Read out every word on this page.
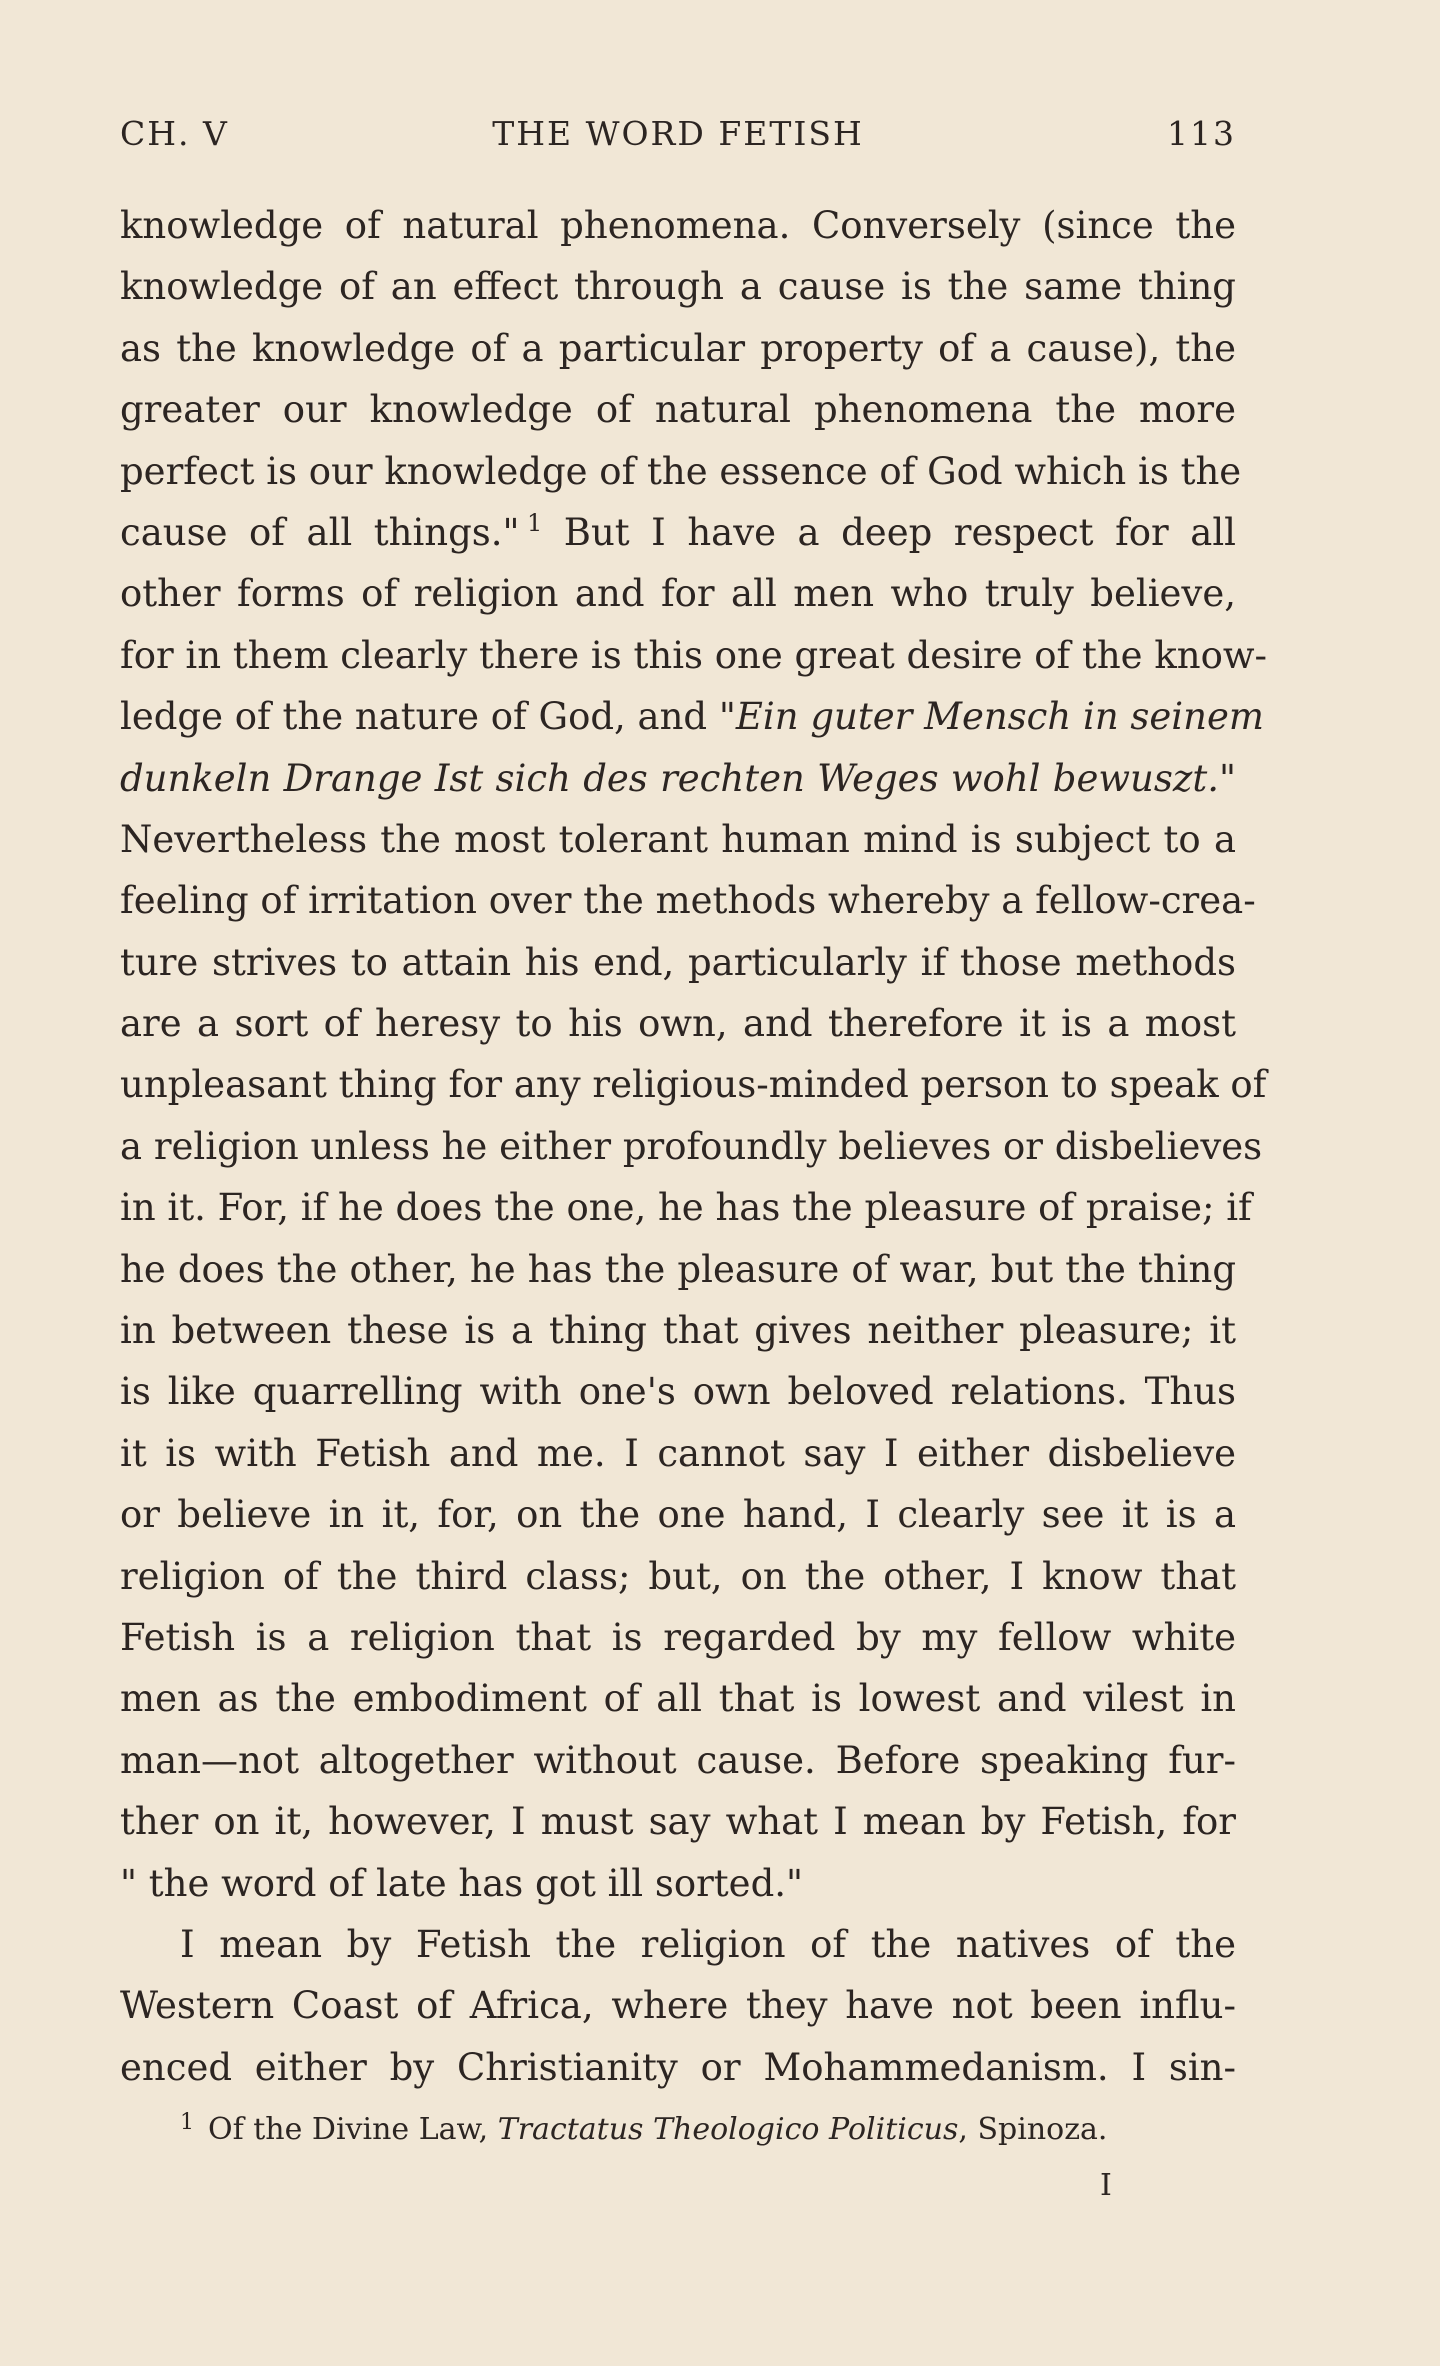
CH. V	THE WORD FETISH	113
knowledge of natural phenomena. Conversely (since the
knowledge of an effect through a cause is the same thing
as the knowledge of a particular property of a cause), the
greater our knowledge of natural phenomena the more
perfect is our knowledge of the essence of God which is the
cause of all things."  $^1$ But I have a deep respect for all
other forms of religion and for all men who truly believe,
for in them clearly there is this one great desire of the know-
ledge of the nature of God, and "Ein guter Mensch in seinem
dunkeln Drange Ist sich des rechten Weges wohl bewuszt."
Nevertheless the most tolerant human mind is subject to a
feeling of irritation over the methods whereby a fellow-crea-
ture strives to attain his end, particularly if those methods
are a sort of heresy to his own, and therefore it is a most
unpleasant thing for any religious-minded person to speak of
a religion unless he either profoundly believes or disbelieves
in it. For, if he does the one, he has the pleasure of praise; if
he does the other, he has the pleasure of war, but the thing
in between these is a thing that gives neither pleasure; it
is like quarrelling with one's own beloved relations. Thus
it is with Fetish and me. I cannot say I either disbelieve
or believe in it, for, on the one hand, I clearly see it is a
religion of the third class; but, on the other, I know that
Fetish is a religion that is regarded by my fellow white
men as the embodiment of all that is lowest and vilest in
man—not altogether without cause. Before speaking fur-
ther on it, however, I must say what I mean by Fetish, for
" the word of late has got ill sorted."
I mean by Fetish the religion of the natives of the
Western Coast of Africa, where they have not been influ-
enced either by Christianity or Mohammedanism. I sin-
$^1$ Of the Divine Law, Tractatus Theologico Politicus, Spinoza.
I
